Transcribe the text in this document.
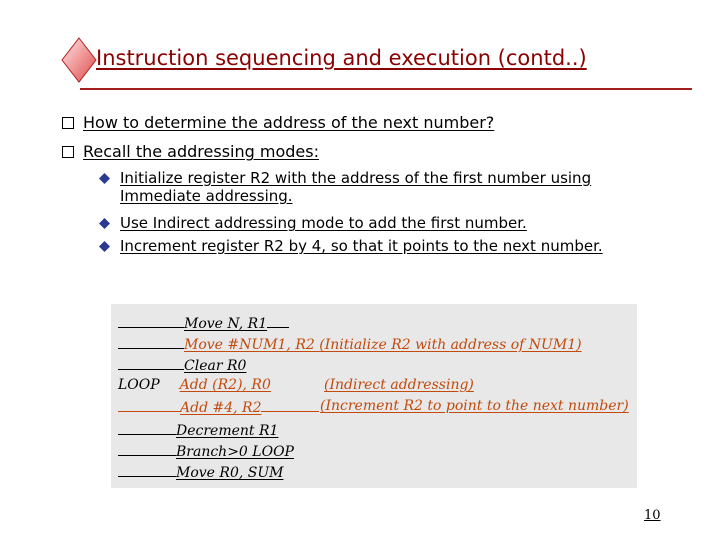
Instruction sequencing and execution (contd..)
How to determine the address of the next number?
Recall the addressing modes:
Initialize register R2 with the address of the first number using Immediate addressing.
Use Indirect addressing mode to add the first number.
Increment register R2 by 4, so that it points to the next number.
Move N, R1
Move #NUM1, R2 (Initialize R2 with address of NUM1)
Clear R0
LOOP Add (R2), R0	(Indirect addressing)
Add #4, R2	(Increment R2 to point to the next number)
Decrement R1
Branch>0 LOOP
Move R0, SUM
10
